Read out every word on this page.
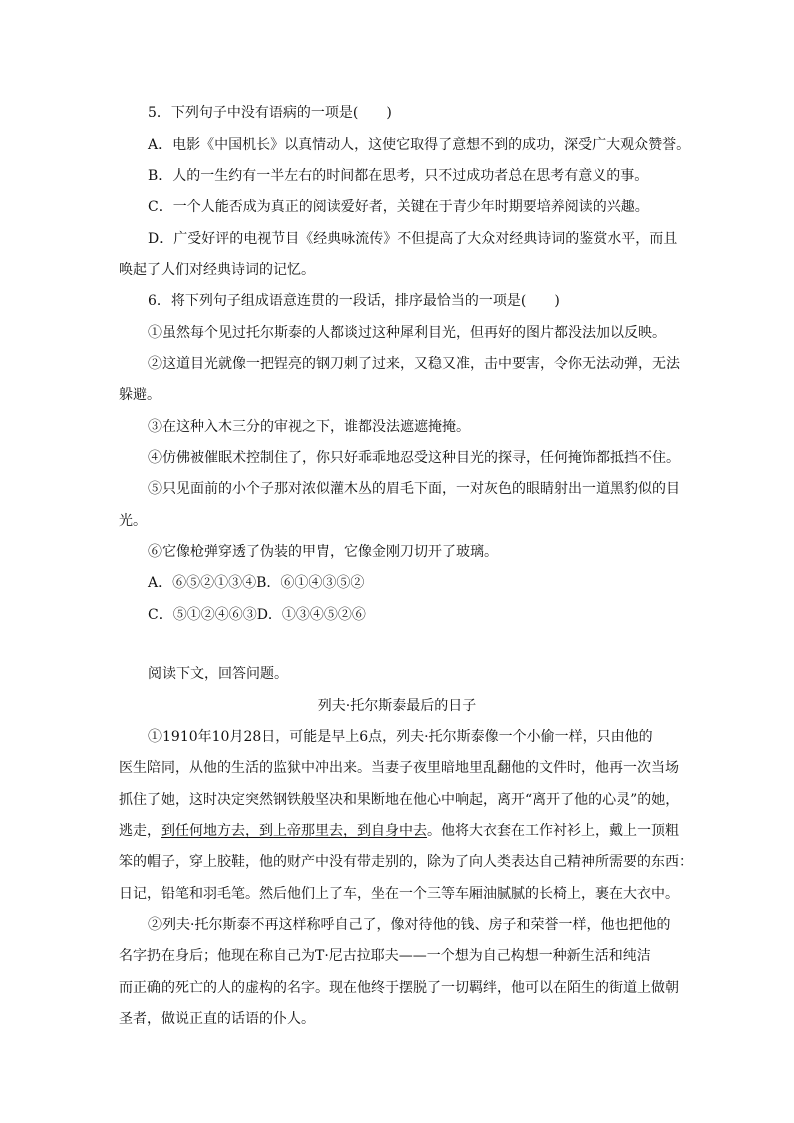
5．下列句子中没有语病的一项是(　　)
A．电影《中国机长》以真情动人，这使它取得了意想不到的成功，深受广大观众赞誉。
B．人的一生约有一半左右的时间都在思考，只不过成功者总在思考有意义的事。
C．一个人能否成为真正的阅读爱好者，关键在于青少年时期要培养阅读的兴趣。
D．广受好评的电视节目《经典咏流传》不但提高了大众对经典诗词的鉴赏水平，而且
唤起了人们对经典诗词的记忆。
6．将下列句子组成语意连贯的一段话，排序最恰当的一项是(　　)
①虽然每个见过托尔斯泰的人都谈过这种犀利目光，但再好的图片都没法加以反映。
②这道目光就像一把锃亮的钢刀刺了过来，又稳又准，击中要害，令你无法动弹，无法
躲避。
③在这种入木三分的审视之下，谁都没法遮遮掩掩。
④仿佛被催眠术控制住了，你只好乖乖地忍受这种目光的探寻，任何掩饰都抵挡不住。
⑤只见面前的小个子那对浓似灌木丛的眉毛下面，一对灰色的眼睛射出一道黑豹似的目
光。
⑥它像枪弹穿透了伪装的甲胄，它像金刚刀切开了玻璃。
A．⑥⑤②①③④B．⑥①④③⑤②
C．⑤①②④⑥③D．①③④⑤②⑥
阅读下文，回答问题。
列夫·托尔斯泰最后的日子
①1910年10月28日，可能是早上6点，列夫·托尔斯泰像一个小偷一样，只由他的
医生陪同，从他的生活的监狱中冲出来。当妻子夜里暗地里乱翻他的文件时，他再一次当场
抓住了她，这时决定突然钢铁般坚决和果断地在他心中响起，离开“离开了他的心灵”的她，
逃走，到任何地方去，到上帝那里去，到自身中去。他将大衣套在工作衬衫上，戴上一顶粗
笨的帽子，穿上胶鞋，他的财产中没有带走别的，除为了向人类表达自己精神所需要的东西：
日记，铅笔和羽毛笔。然后他们上了车，坐在一个三等车厢油腻腻的长椅上，裹在大衣中。
②列夫·托尔斯泰不再这样称呼自己了，像对待他的钱、房子和荣誉一样，他也把他的
名字扔在身后；他现在称自己为T·尼古拉耶夫——一个想为自己构想一种新生活和纯洁
而正确的死亡的人的虚构的名字。现在他终于摆脱了一切羁绊，他可以在陌生的街道上做朝
圣者，做说正直的话语的仆人。
